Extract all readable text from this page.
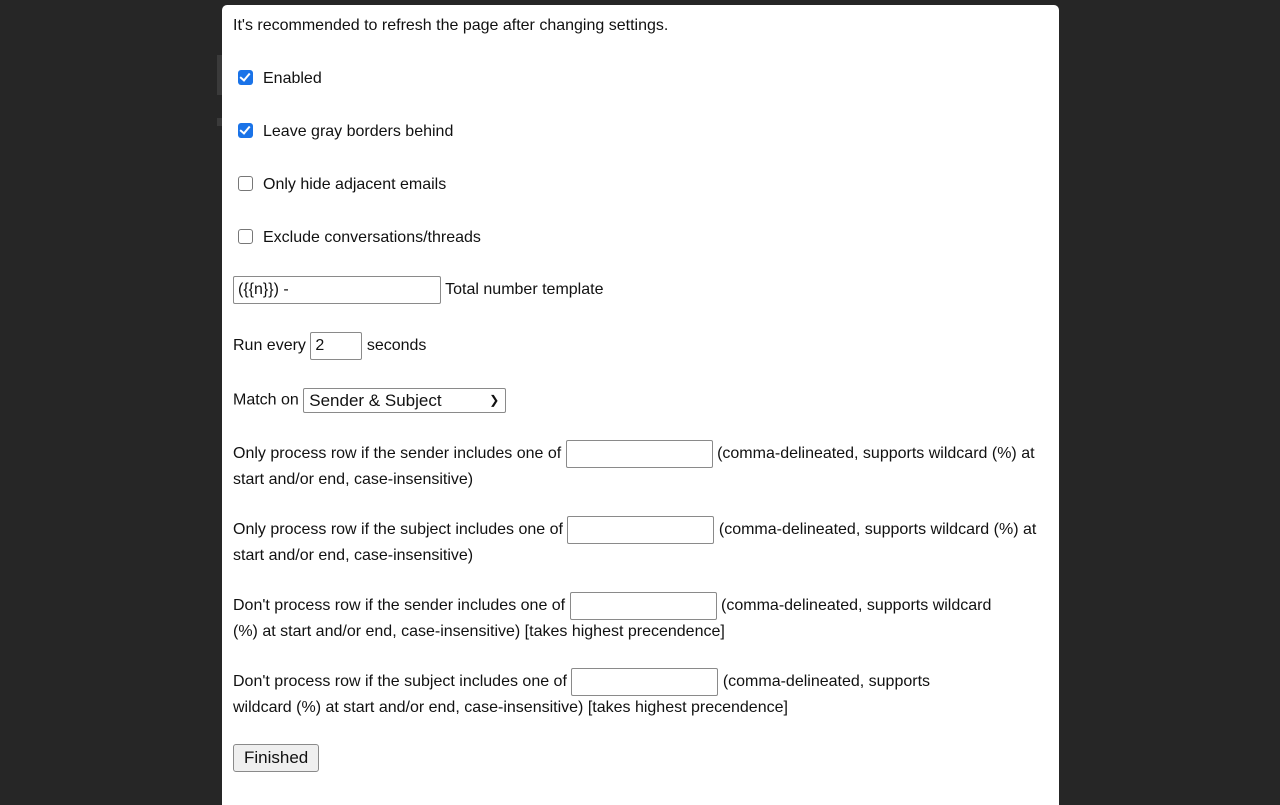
It's recommended to refresh the page after changing settings.
Enabled
Leave gray borders behind
Only hide adjacent emails
Exclude conversations/threads
({{n}}) -	Total number template
Run every 2	seconds
Match on Sender & Subject	❯
Only process row if the sender includes one of	(comma-delineated, supports wildcard (%) at start and/or end, case-insensitive)
Only process row if the subject includes one of	(comma-delineated, supports wildcard (%) at start and/or end, case-insensitive)
Don't process row if the sender includes one of	(comma-delineated, supports wildcard (%) at start and/or end, case-insensitive) [takes highest precendence]
Don't process row if the subject includes one of	(comma-delineated, supports wildcard (%) at start and/or end, case-insensitive) [takes highest precendence]
Finished
